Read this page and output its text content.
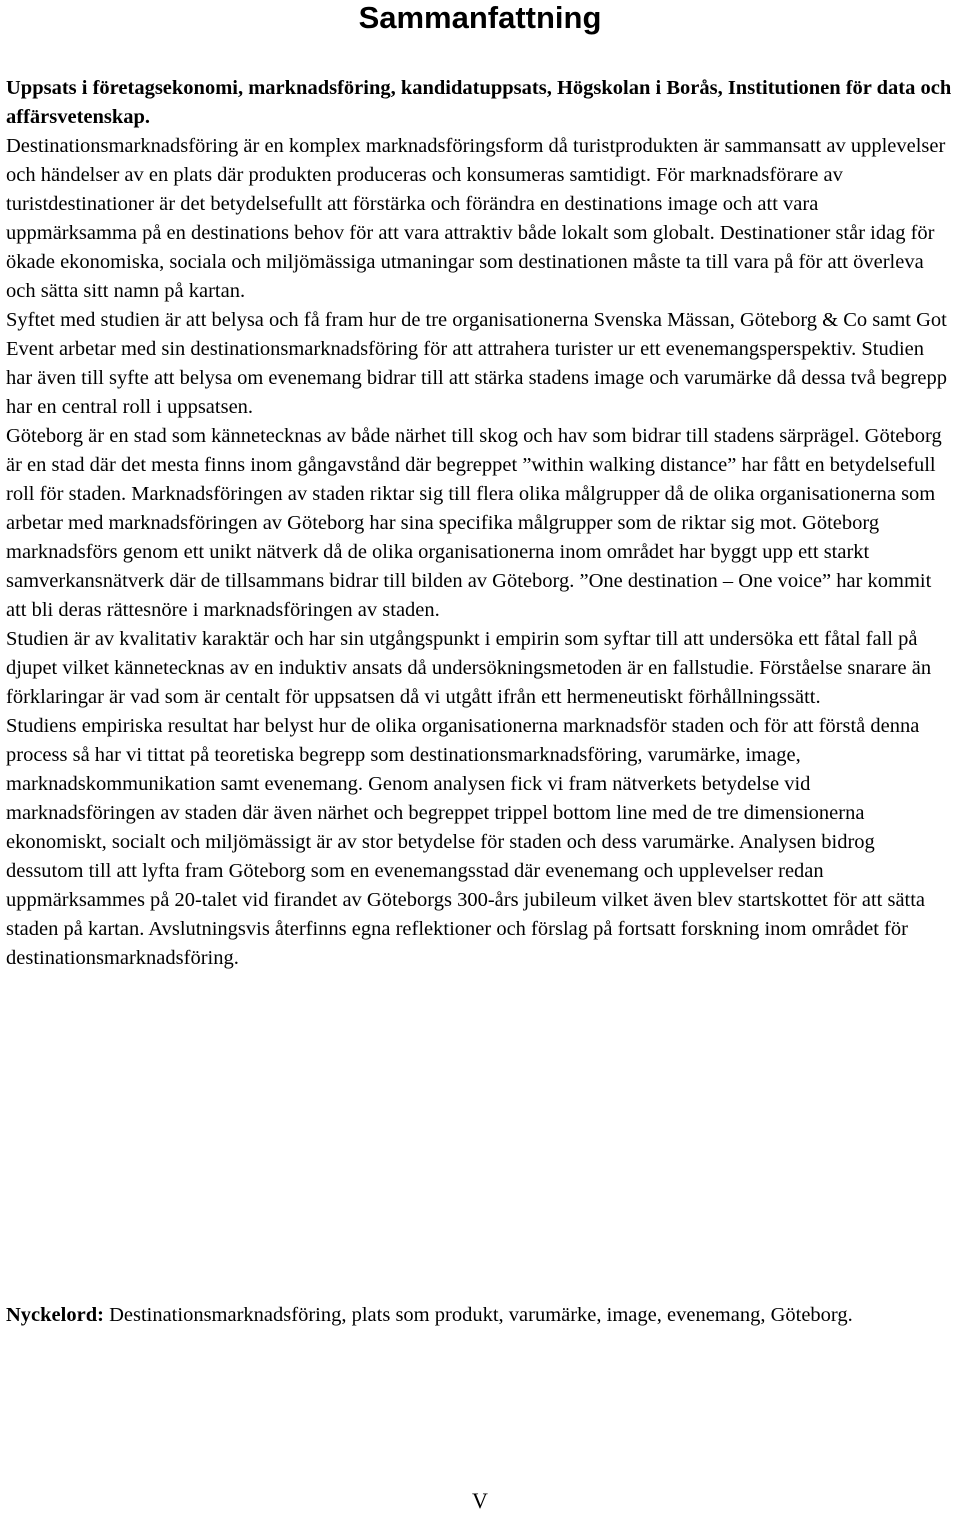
Sammanfattning

Uppsats i företagsekonomi, marknadsföring, kandidatuppsats, Högskolan i Borås, Institutionen för data och affärsvetenskap.

Destinationsmarknadsföring är en komplex marknadsföringsform då turistprodukten är sammansatt av upplevelser och händelser av en plats där produkten produceras och konsumeras samtidigt. För marknadsförare av turistdestinationer är det betydelsefullt att förstärka och förändra en destinations image och att vara uppmärksamma på en destinations behov för att vara attraktiv både lokalt som globalt. Destinationer står idag för ökade ekonomiska, sociala och miljömässiga utmaningar som destinationen måste ta till vara på för att överleva och sätta sitt namn på kartan.

Syftet med studien är att belysa och få fram hur de tre organisationerna Svenska Mässan, Göteborg & Co samt Got Event arbetar med sin destinationsmarknadsföring för att attrahera turister ur ett evenemangsperspektiv. Studien har även till syfte att belysa om evenemang bidrar till att stärka stadens image och varumärke då dessa två begrepp har en central roll i uppsatsen.

Göteborg är en stad som kännetecknas av både närhet till skog och hav som bidrar till stadens särprägel. Göteborg är en stad där det mesta finns inom gångavstånd där begreppet ”within walking distance” har fått en betydelsefull roll för staden. Marknadsföringen av staden riktar sig till flera olika målgrupper då de olika organisationerna som arbetar med marknadsföringen av Göteborg har sina specifika målgrupper som de riktar sig mot. Göteborg marknadsförs genom ett unikt nätverk då de olika organisationerna inom området har byggt upp ett starkt samverkansnätverk där de tillsammans bidrar till bilden av Göteborg. ”One destination – One voice” har kommit att bli deras rättesnöre i marknadsföringen av staden.

Studien är av kvalitativ karaktär och har sin utgångspunkt i empirin som syftar till att undersöka ett fåtal fall på djupet vilket kännetecknas av en induktiv ansats då undersökningsmetoden är en fallstudie. Förståelse snarare än förklaringar är vad som är centalt för uppsatsen då vi utgått ifrån ett hermeneutiskt förhållningssätt.

Studiens empiriska resultat har belyst hur de olika organisationerna marknadsför staden och för att förstå denna process så har vi tittat på teoretiska begrepp som destinationsmarknadsföring, varumärke, image, marknadskommunikation samt evenemang. Genom analysen fick vi fram nätverkets betydelse vid marknadsföringen av staden där även närhet och begreppet trippel bottom line med de tre dimensionerna ekonomiskt, socialt och miljömässigt är av stor betydelse för staden och dess varumärke. Analysen bidrog dessutom till att lyfta fram Göteborg som en evenemangsstad där evenemang och upplevelser redan uppmärksammes på 20-talet vid firandet av Göteborgs 300-års jubileum vilket även blev startskottet för att sätta staden på kartan. Avslutningsvis återfinns egna reflektioner och förslag på fortsatt forskning inom området för destinationsmarknadsföring.

Nyckelord: Destinationsmarknadsföring, plats som produkt, varumärke, image, evenemang, Göteborg.

V
